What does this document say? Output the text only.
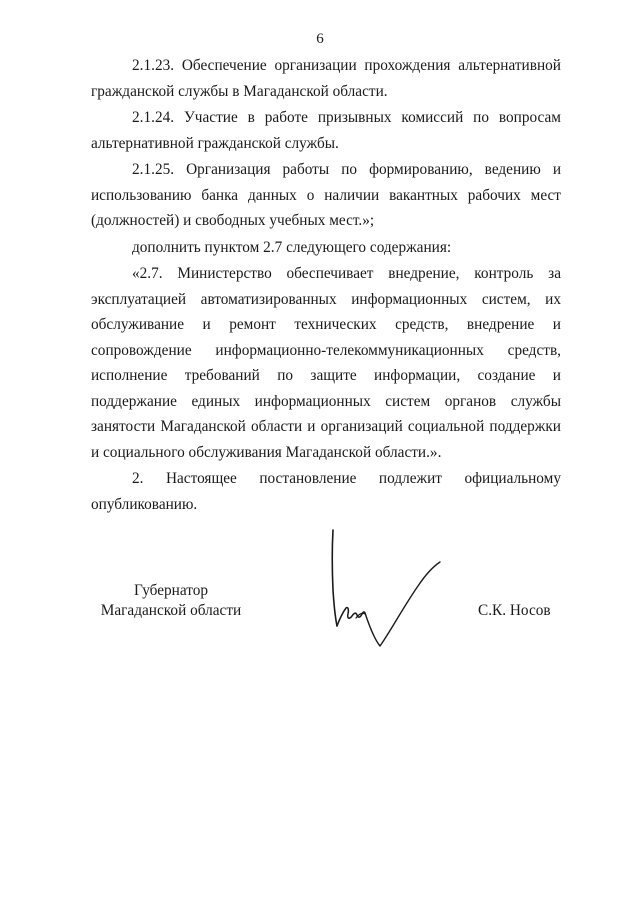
6

2.1.23. Обеспечение организации прохождения альтернативной гражданской службы в Магаданской области.

2.1.24. Участие в работе призывных комиссий по вопросам альтернативной гражданской службы.

2.1.25. Организация работы по формированию, ведению и использованию банка данных о наличии вакантных рабочих мест (должностей) и свободных учебных мест.»;

дополнить пунктом 2.7 следующего содержания:

«2.7. Министерство обеспечивает внедрение, контроль за эксплуатацией автоматизированных информационных систем, их обслуживание и ремонт технических средств, внедрение и сопровождение информационно-телекоммуникационных средств, исполнение требований по защите информации, создание и поддержание единых информационных систем органов службы занятости Магаданской области и организаций социальной поддержки и социального обслуживания Магаданской области.».

2. Настоящее постановление подлежит официальному опубликованию.

Губернатор
Магаданской области	С.К. Носов
